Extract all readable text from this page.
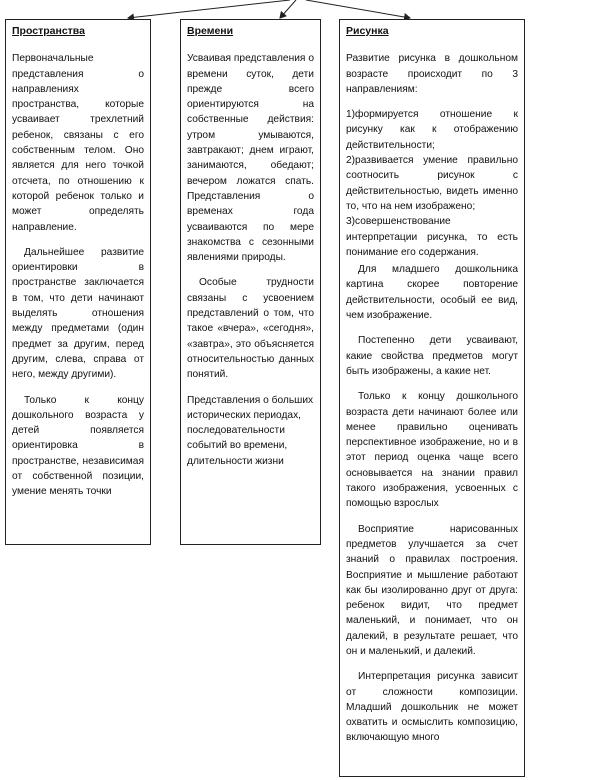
Пространства

Первоначальные представления о направлениях пространства, которые усваивает трехлетний ребенок, связаны с его собственным телом. Оно является для него точкой отсчета, по отношению к которой ребенок только и может определять направление.

Дальнейшее развитие ориентировки в пространстве заключается в том, что дети начинают выделять отношения между предметами (один предмет за другим, перед другим, слева, справа от него, между другими).

Только к концу дошкольного возраста у детей появляется ориентировка в пространстве, независимая от собственной позиции, умение менять точки

Времени

Усваивая представления о времени суток, дети прежде всего ориентируются на собственные действия: утром умываются, завтракают; днем играют, занимаются, обедают; вечером ложатся спать. Представления о временах года усваиваются по мере знакомства с сезонными явлениями природы.

Особые трудности связаны с усвоением представлений о том, что такое «вчера», «сегодня», «завтра», это объясняется относительностью данных понятий.

Представления о больших исторических периодах, последовательности событий во времени, длительности жизни

Рисунка

Развитие рисунка в дошкольном возрасте происходит по 3 направлениям:

1)формируется отношение к рисунку как к отображению действительности;

2)развивается умение правильно соотносить рисунок с действительностью, видеть именно то, что на нем изображено;

3)совершенствование интерпретации рисунка, то есть понимание его содержания.

Для младшего дошкольника картина скорее повторение действительности, особый ее вид, чем изображение.

Постепенно дети усваивают, какие свойства предметов могут быть изображены, а какие нет.

Только к концу дошкольного возраста дети начинают более или менее правильно оценивать перспективное изображение, но и в этот период оценка чаще всего основывается на знании правил такого изображения, усвоенных с помощью взрослых

Восприятие нарисованных предметов улучшается за счет знаний о правилах построения. Восприятие и мышление работают как бы изолированно друг от друга: ребенок видит, что предмет маленький, и понимает, что он далекий, в результате решает, что он и маленький, и далекий.

Интерпретация рисунка зависит от сложности композиции. Младший дошкольник не может охватить и осмыслить композицию, включающую много
